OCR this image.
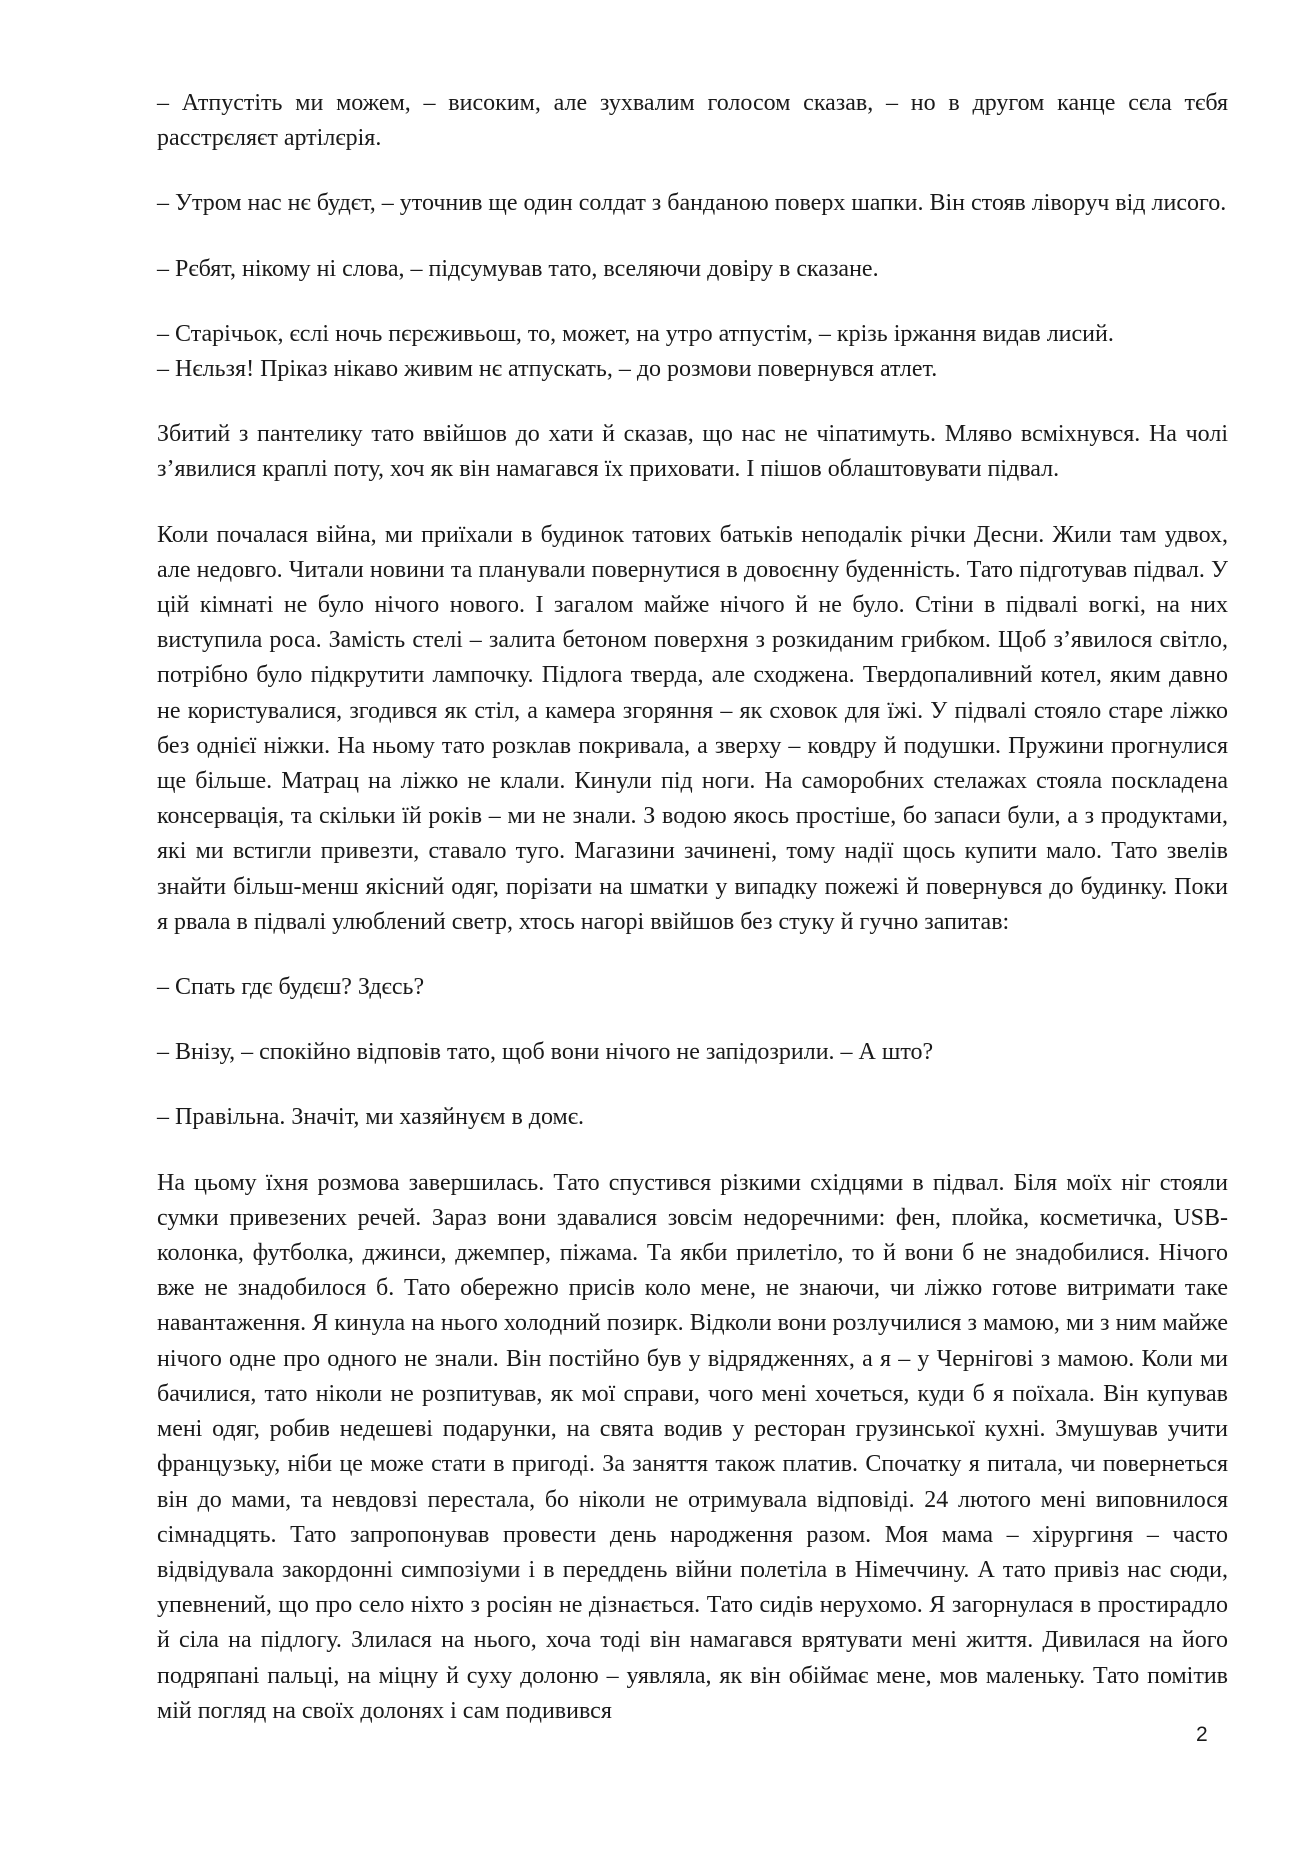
– Атпустіть ми можем, – високим, але зухвалим голосом сказав, – но в другом канце сєла тєбя расстрєляєт артілєрія.

– Утром нас нє будєт, – уточнив ще один солдат з банданою поверх шапки. Він стояв ліворуч від лисого.

– Рєбят, нікому ні слова, – підсумував тато, вселяючи довіру в сказане.

– Старічьок, єслі ночь пєрєживьош, то, может, на утро атпустім, – крізь іржання видав лисий.

– Нєльзя! Пріказ нікаво живим нє атпускать, – до розмови повернувся атлет.

Збитий з пантелику тато ввійшов до хати й сказав, що нас не чіпатимуть. Мляво всміхнувся. На чолі з’явилися краплі поту, хоч як він намагався їх приховати. І пішов облаштовувати підвал.

Коли почалася війна, ми приїхали в будинок татових батьків неподалік річки Десни. Жили там удвох, але недовго. Читали новини та планували повернутися в довоєнну буденність. Тато підготував підвал. У цій кімнаті не було нічого нового. І загалом майже нічого й не було. Стіни в підвалі вогкі, на них виступила роса. Замість стелі – залита бетоном поверхня з розкиданим грибком. Щоб з’явилося світло, потрібно було підкрутити лампочку. Підлога тверда, але сходжена. Твердопаливний котел, яким давно не користувалися, згодився як стіл, а камера згоряння – як сховок для їжі. У підвалі стояло старе ліжко без однієї ніжки. На ньому тато розклав покривала, а зверху – ковдру й подушки. Пружини прогнулися ще більше. Матрац на ліжко не клали. Кинули під ноги. На саморобних стелажах стояла поскладена консервація, та скільки їй років – ми не знали. З водою якось простіше, бо запаси були, а з продуктами, які ми встигли привезти, ставало туго. Магазини зачинені, тому надії щось купити мало. Тато звелів знайти більш-менш якісний одяг, порізати на шматки у випадку пожежі й повернувся до будинку. Поки я рвала в підвалі улюблений светр, хтось нагорі ввійшов без стуку й гучно запитав:

– Спать гдє будєш? Здєсь?

– Внізу, – спокійно відповів тато, щоб вони нічого не запідозрили. – А што?

– Правільна. Значіт, ми хазяйнуєм в домє.

На цьому їхня розмова завершилась. Тато спустився різкими східцями в підвал. Біля моїх ніг стояли сумки привезених речей. Зараз вони здавалися зовсім недоречними: фен, плойка, косметичка, USB-колонка, футболка, джинси, джемпер, піжама. Та якби прилетіло, то й вони б не знадобилися. Нічого вже не знадобилося б. Тато обережно присів коло мене, не знаючи, чи ліжко готове витримати таке навантаження. Я кинула на нього холодний позирк. Відколи вони розлучилися з мамою, ми з ним майже нічого одне про одного не знали. Він постійно був у відрядженнях, а я – у Чернігові з мамою. Коли ми бачилися, тато ніколи не розпитував, як мої справи, чого мені хочеться, куди б я поїхала. Він купував мені одяг, робив недешеві подарунки, на свята водив у ресторан грузинської кухні. Змушував учити французьку, ніби це може стати в пригоді. За заняття також платив. Спочатку я питала, чи повернеться він до мами, та невдовзі перестала, бо ніколи не отримувала відповіді. 24 лютого мені виповнилося сімнадцять. Тато запропонував провести день народження разом. Моя мама – хірургиня – часто відвідувала закордонні симпозіуми і в переддень війни полетіла в Німеччину. А тато привіз нас сюди, упевнений, що про село ніхто з росіян не дізнається. Тато сидів нерухомо. Я загорнулася в простирадло й сіла на підлогу. Злилася на нього, хоча тоді він намагався врятувати мені життя. Дивилася на його подряпані пальці, на міцну й суху долоню – уявляла, як він обіймає мене, мов маленьку. Тато помітив мій погляд на своїх долонях і сам подивився

2
